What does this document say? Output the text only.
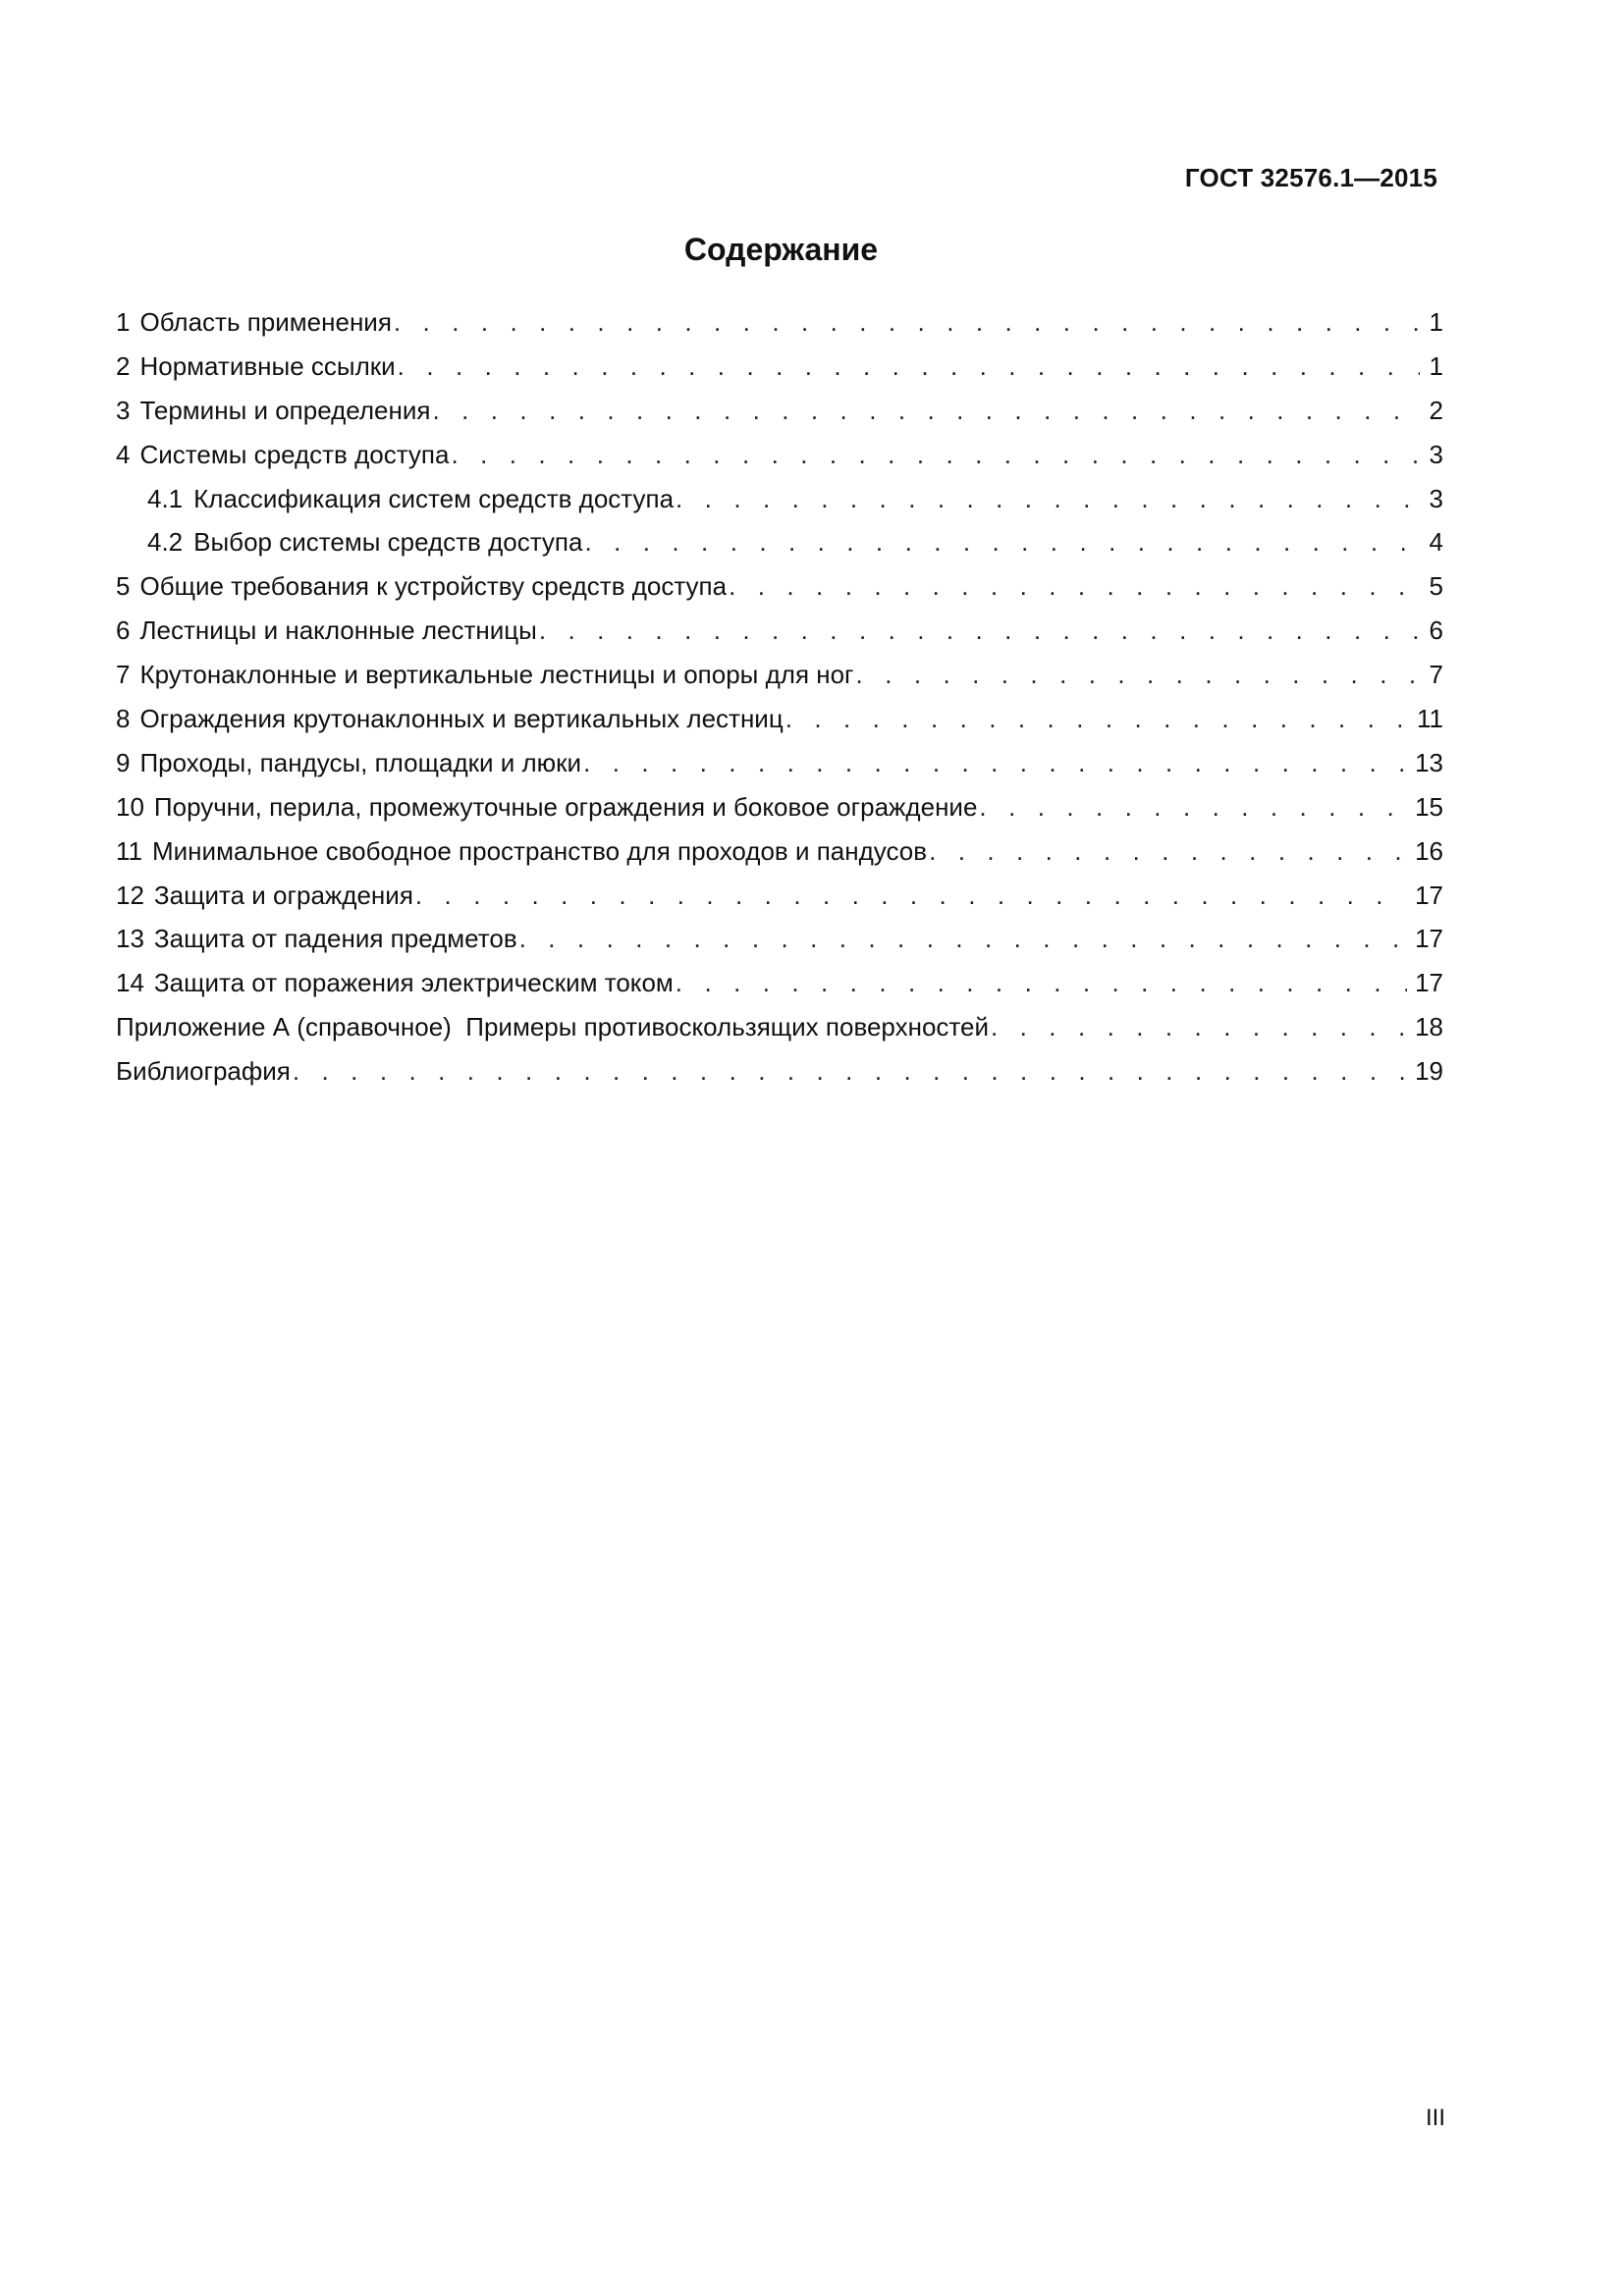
ГОСТ 32576.1—2015
Содержание
1 Область применения . . .	1
2 Нормативные ссылки . . .	1
3 Термины и определения . . .	2
4 Системы средств доступа . . .	3
4.1 Классификация систем средств доступа . . .	3
4.2 Выбор системы средств доступа . . .	4
5 Общие требования к устройству средств доступа . . .	5
6 Лестницы и наклонные лестницы . . .	6
7 Крутонаклонные и вертикальные лестницы и опоры для ног . . .	7
8 Ограждения крутонаклонных и вертикальных лестниц . . .	11
9 Проходы, пандусы, площадки и люки . . .	13
10 Поручни, перила, промежуточные ограждения и боковое ограждение . . .	15
11 Минимальное свободное пространство для проходов и пандусов . . .	16
12 Защита и ограждения . . .	17
13 Защита от падения предметов . . .	17
14 Защита от поражения электрическим током . . .	17
Приложение А (справочное)  Примеры противоскользящих поверхностей . . .	18
Библиография . . .	19
III
